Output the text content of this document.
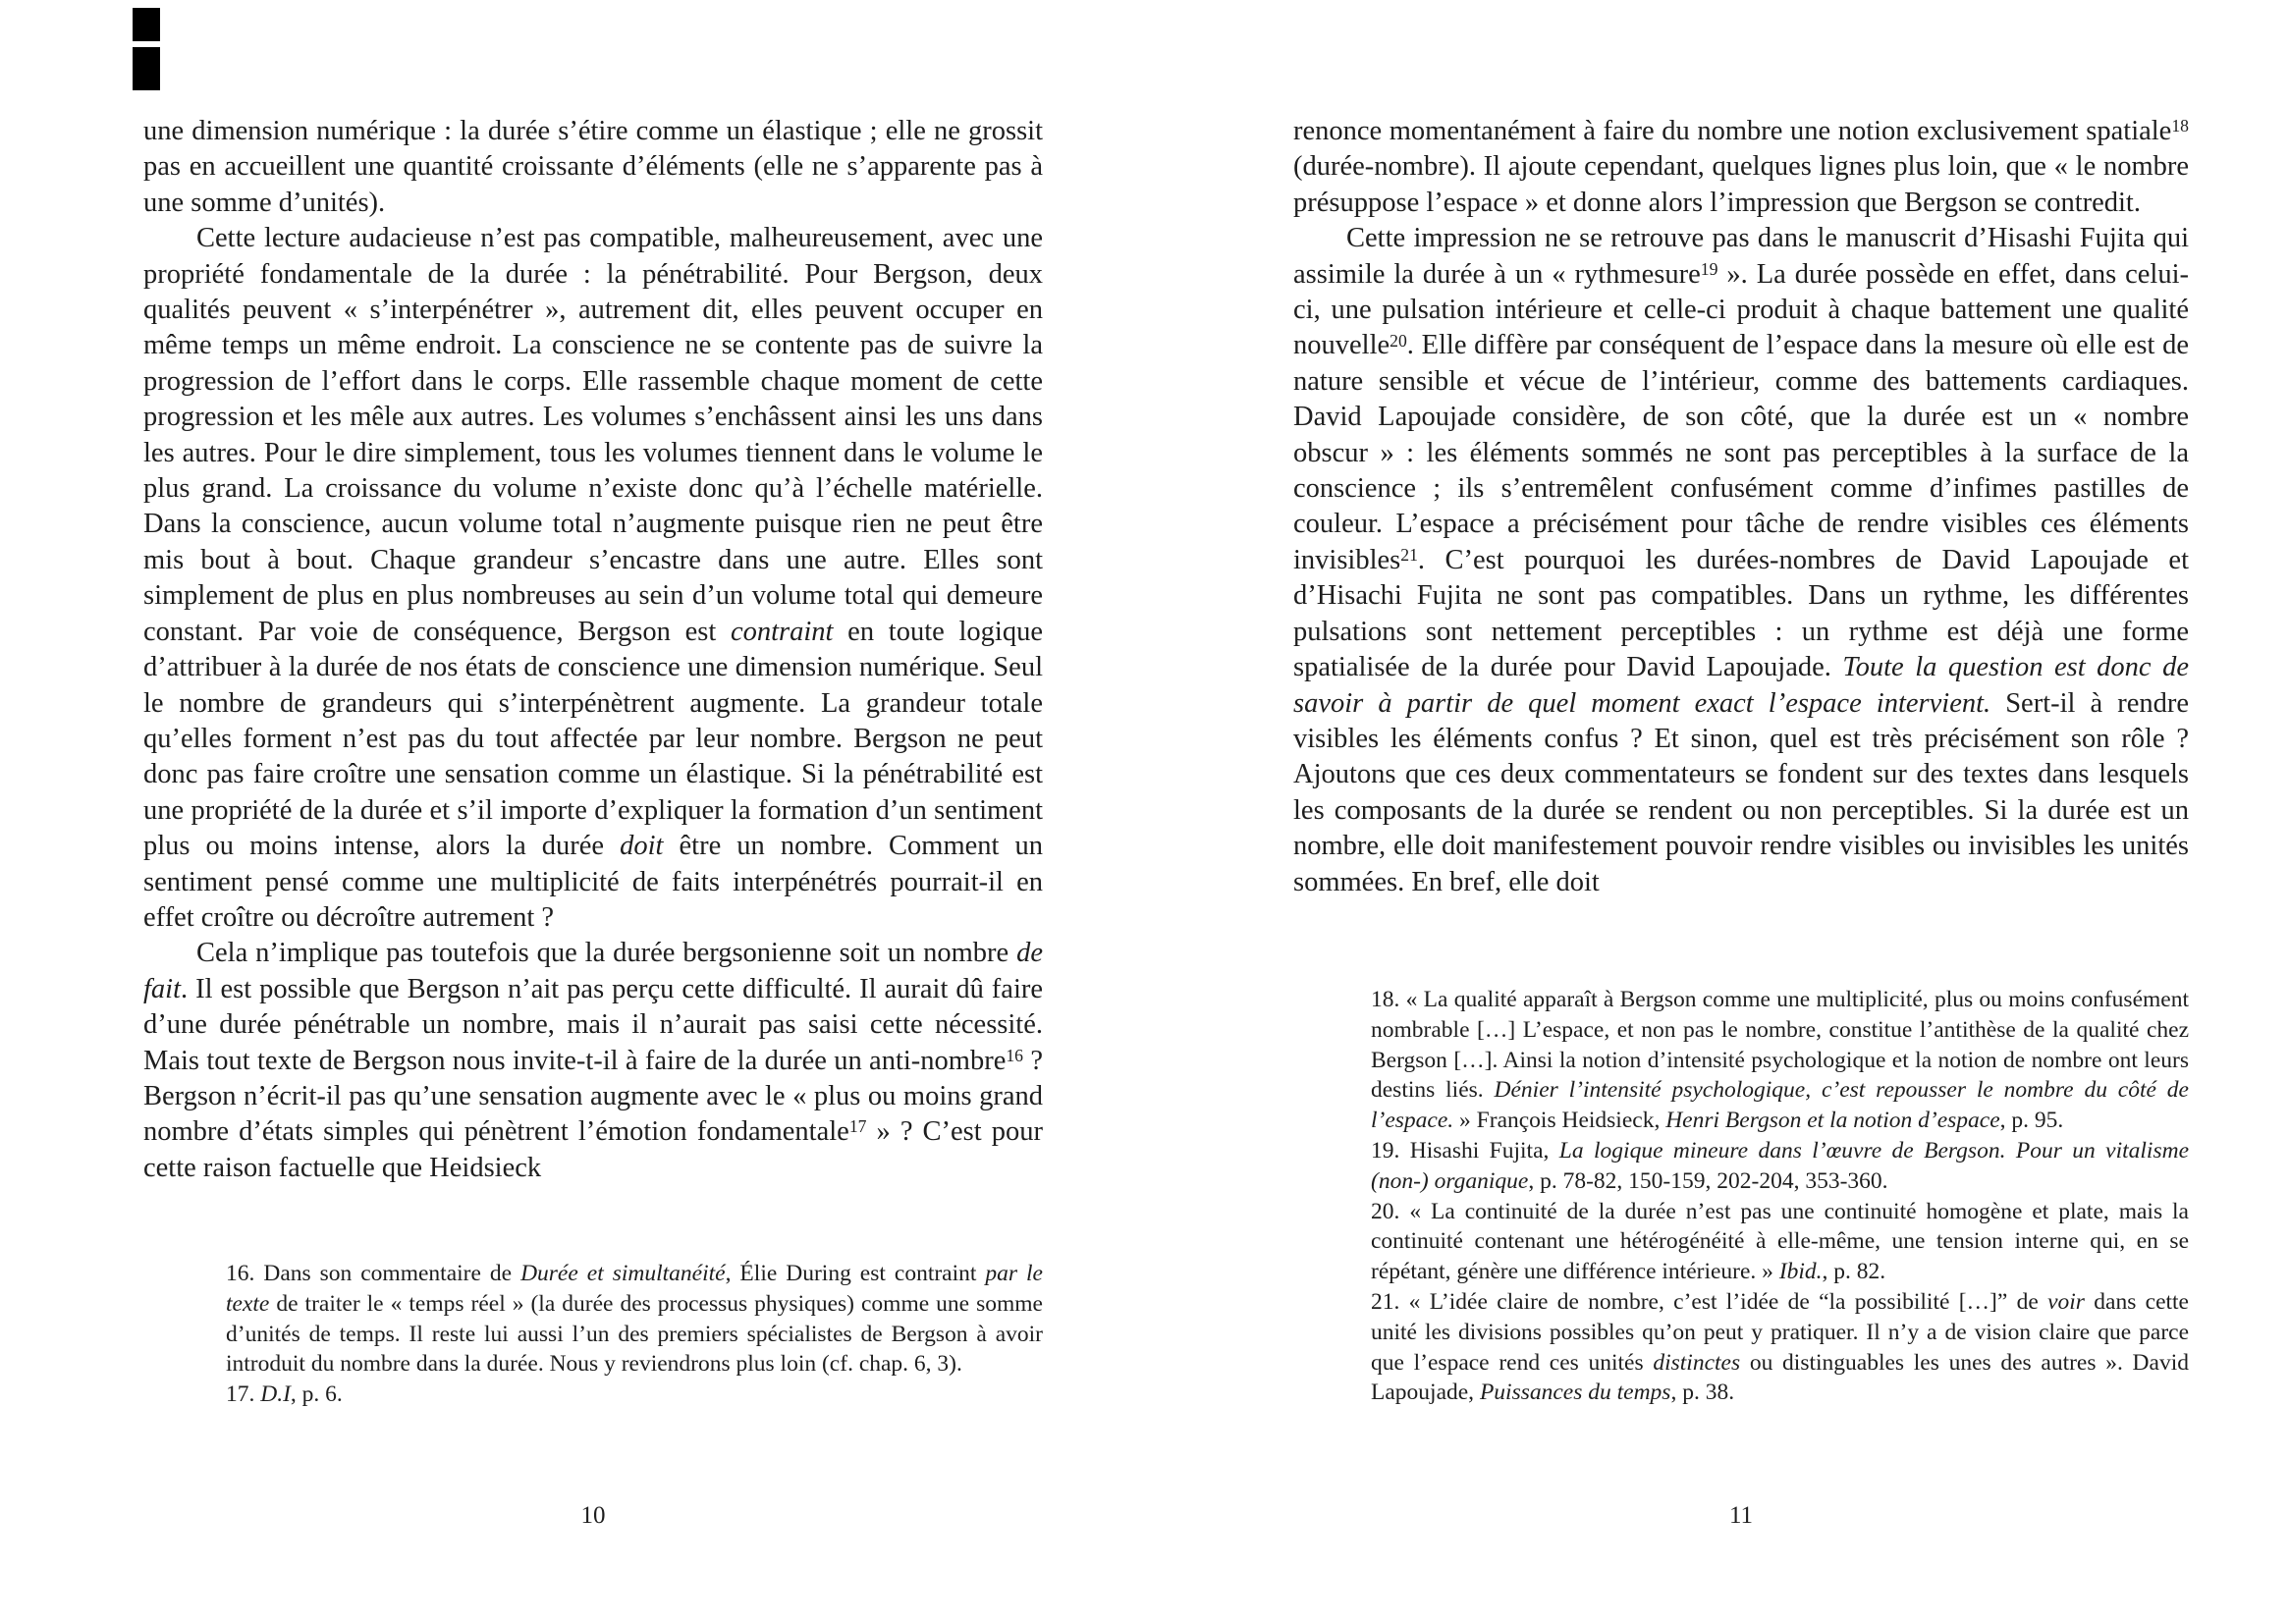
une dimension numérique : la durée s’étire comme un élastique ; elle ne grossit pas en accueillent une quantité croissante d’éléments (elle ne s’apparente pas à une somme d’unités).

Cette lecture audacieuse n’est pas compatible, malheureusement, avec une propriété fondamentale de la durée : la pénétrabilité. Pour Bergson, deux qualités peuvent « s’interpénétrer », autrement dit, elles peuvent occuper en même temps un même endroit. La conscience ne se contente pas de suivre la progression de l’effort dans le corps. Elle rassemble chaque moment de cette progression et les mêle aux autres. Les volumes s’enchâssent ainsi les uns dans les autres. Pour le dire simplement, tous les volumes tiennent dans le volume le plus grand. La croissance du volume n’existe donc qu’à l’échelle matérielle. Dans la conscience, aucun volume total n’augmente puisque rien ne peut être mis bout à bout. Chaque grandeur s’encastre dans une autre. Elles sont simplement de plus en plus nombreuses au sein d’un volume total qui demeure constant. Par voie de conséquence, Bergson est contraint en toute logique d’attribuer à la durée de nos états de conscience une dimension numérique. Seul le nombre de grandeurs qui s’interpénètrent augmente. La grandeur totale qu’elles forment n’est pas du tout affectée par leur nombre. Bergson ne peut donc pas faire croître une sensation comme un élastique. Si la pénétrabilité est une propriété de la durée et s’il importe d’expliquer la formation d’un sentiment plus ou moins intense, alors la durée doit être un nombre. Comment un sentiment pensé comme une multiplicité de faits interpénétrés pourrait-il en effet croître ou décroître autrement ?

Cela n’implique pas toutefois que la durée bergsonienne soit un nombre de fait. Il est possible que Bergson n’ait pas perçu cette difficulté. Il aurait dû faire d’une durée pénétrable un nombre, mais il n’aurait pas saisi cette nécessité. Mais tout texte de Bergson nous invite-t-il à faire de la durée un anti-nombre$^{16}$ ? Bergson n’écrit-il pas qu’une sensation augmente avec le « plus ou moins grand nombre d’états simples qui pénètrent l’émotion fondamentale$^{17}$ » ? C’est pour cette raison factuelle que Heidsieck

16. Dans son commentaire de Durée et simultanéité, Élie During est contraint par le texte de traiter le « temps réel » (la durée des processus physiques) comme une somme d’unités de temps. Il reste lui aussi l’un des premiers spécialistes de Bergson à avoir introduit du nombre dans la durée. Nous y reviendrons plus loin (cf. chap. 6, 3).

17. D.I, p. 6.

10

renonce momentanément à faire du nombre une notion exclusivement spatiale$^{18}$ (durée-nombre). Il ajoute cependant, quelques lignes plus loin, que « le nombre présuppose l’espace » et donne alors l’impression que Bergson se contredit.

Cette impression ne se retrouve pas dans le manuscrit d’Hisashi Fujita qui assimile la durée à un « rythmesure$^{19}$ ». La durée possède en effet, dans celui-ci, une pulsation intérieure et celle-ci produit à chaque battement une qualité nouvelle$^{20}$. Elle diffère par conséquent de l’espace dans la mesure où elle est de nature sensible et vécue de l’intérieur, comme des battements cardiaques. David Lapoujade considère, de son côté, que la durée est un « nombre obscur » : les éléments sommés ne sont pas perceptibles à la surface de la conscience ; ils s’entremêlent confusément comme d’infimes pastilles de couleur. L’espace a précisément pour tâche de rendre visibles ces éléments invisibles$^{21}$. C’est pourquoi les durées-nombres de David Lapoujade et d’Hisachi Fujita ne sont pas compatibles. Dans un rythme, les différentes pulsations sont nettement perceptibles : un rythme est déjà une forme spatialisée de la durée pour David Lapoujade. Toute la question est donc de savoir à partir de quel moment exact l’espace intervient. Sert-il à rendre visibles les éléments confus ? Et sinon, quel est très précisément son rôle ? Ajoutons que ces deux commentateurs se fondent sur des textes dans lesquels les composants de la durée se rendent ou non perceptibles. Si la durée est un nombre, elle doit manifestement pouvoir rendre visibles ou invisibles les unités sommées. En bref, elle doit

18. « La qualité apparaît à Bergson comme une multiplicité, plus ou moins confusément nombrable […] L’espace, et non pas le nombre, constitue l’antithèse de la qualité chez Bergson […]. Ainsi la notion d’intensité psychologique et la notion de nombre ont leurs destins liés. Dénier l’intensité psychologique, c’est repousser le nombre du côté de l’espace. » François Heidsieck, Henri Bergson et la notion d’espace, p. 95.

19. Hisashi Fujita, La logique mineure dans l’œuvre de Bergson. Pour un vitalisme (non-) organique, p. 78-82, 150-159, 202-204, 353-360.

20. « La continuité de la durée n’est pas une continuité homogène et plate, mais la continuité contenant une hétérogénéité à elle-même, une tension interne qui, en se répétant, génère une différence intérieure. » Ibid., p. 82.

21. « L’idée claire de nombre, c’est l’idée de “la possibilité […]” de voir dans cette unité les divisions possibles qu’on peut y pratiquer. Il n’y a de vision claire que parce que l’espace rend ces unités distinctes ou distinguables les unes des autres ». David Lapoujade, Puissances du temps, p. 38.

11
